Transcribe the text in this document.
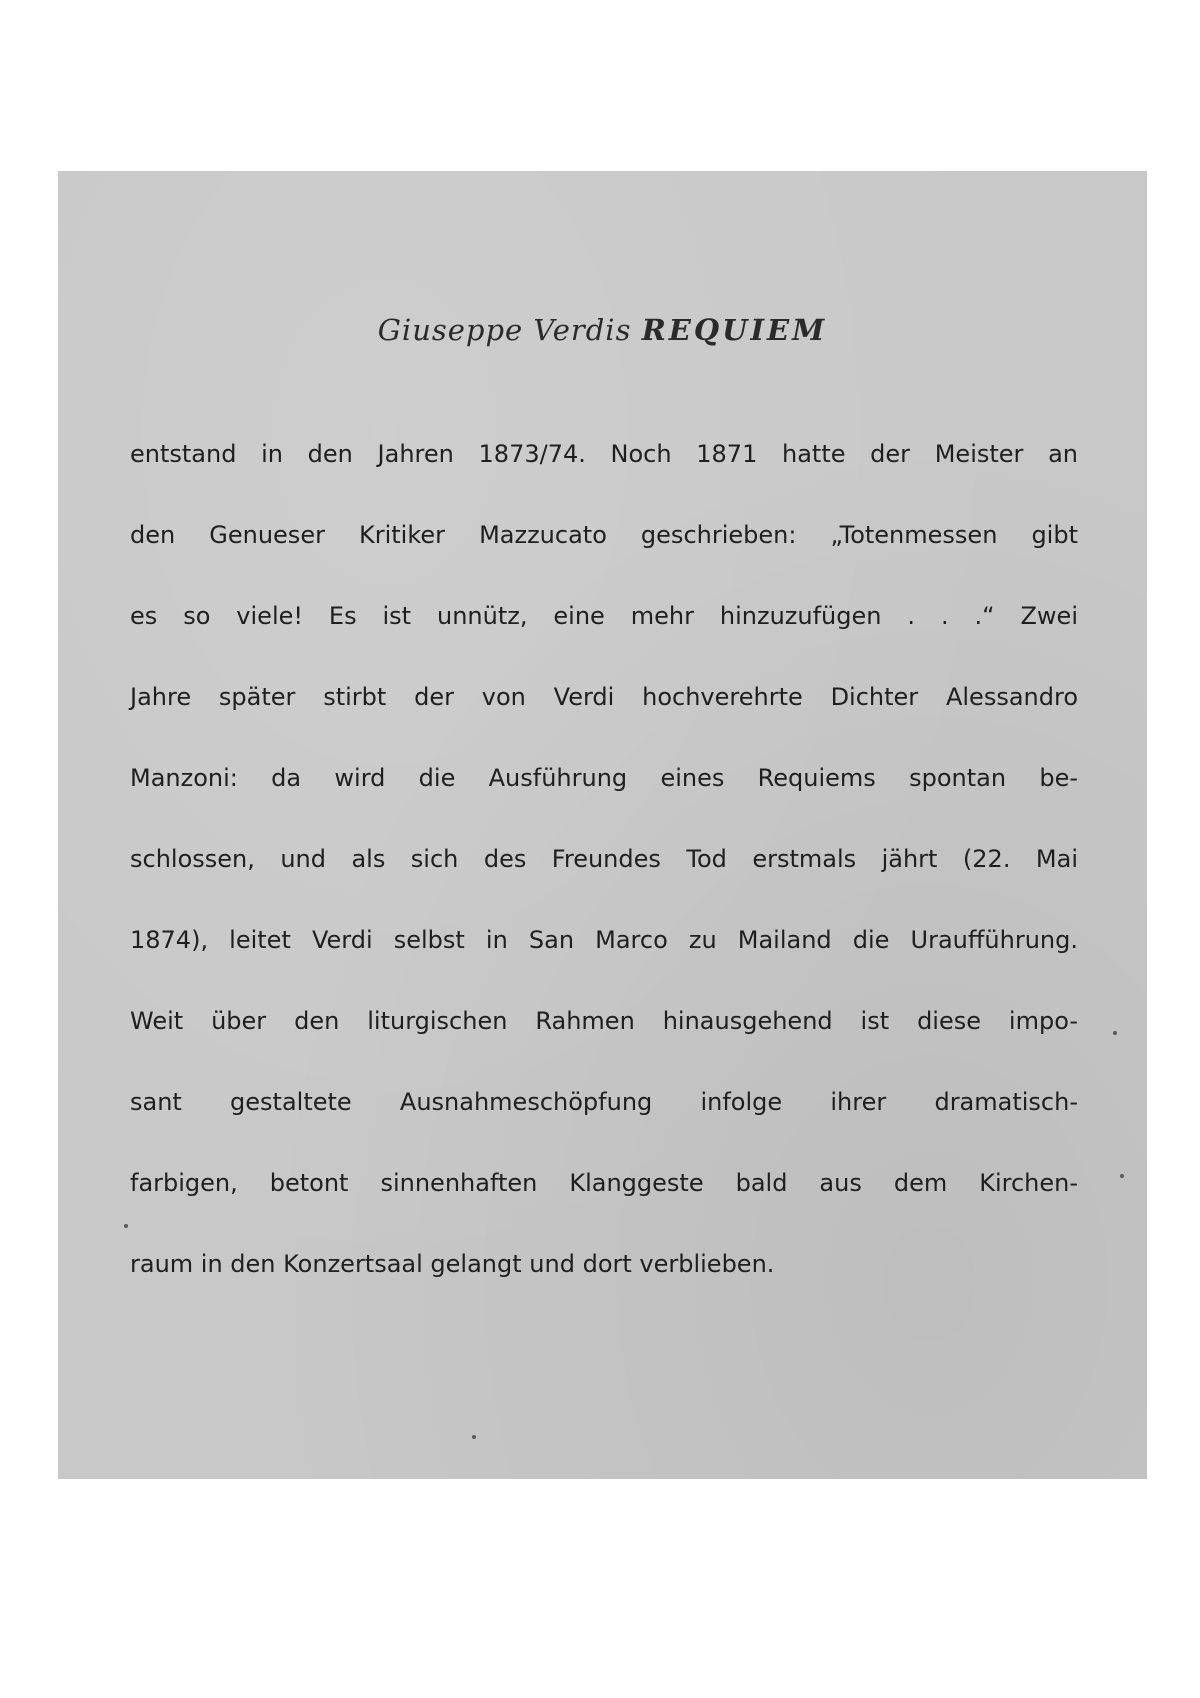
Giuseppe Verdis REQUIEM
entstand in den Jahren 1873/74. Noch 1871 hatte der Meister an
den Genueser Kritiker Mazzucato geschrieben: „Totenmessen gibt
es so viele! Es ist unnütz, eine mehr hinzuzufügen . . .“ Zwei
Jahre später stirbt der von Verdi hochverehrte Dichter Alessandro
Manzoni: da wird die Ausführung eines Requiems spontan be-
schlossen, und als sich des Freundes Tod erstmals jährt (22. Mai
1874), leitet Verdi selbst in San Marco zu Mailand die Uraufführung.
Weit über den liturgischen Rahmen hinausgehend ist diese impo-
sant gestaltete Ausnahmeschöpfung infolge ihrer dramatisch-
farbigen, betont sinnenhaften Klanggeste bald aus dem Kirchen-
raum in den Konzertsaal gelangt und dort verblieben.
